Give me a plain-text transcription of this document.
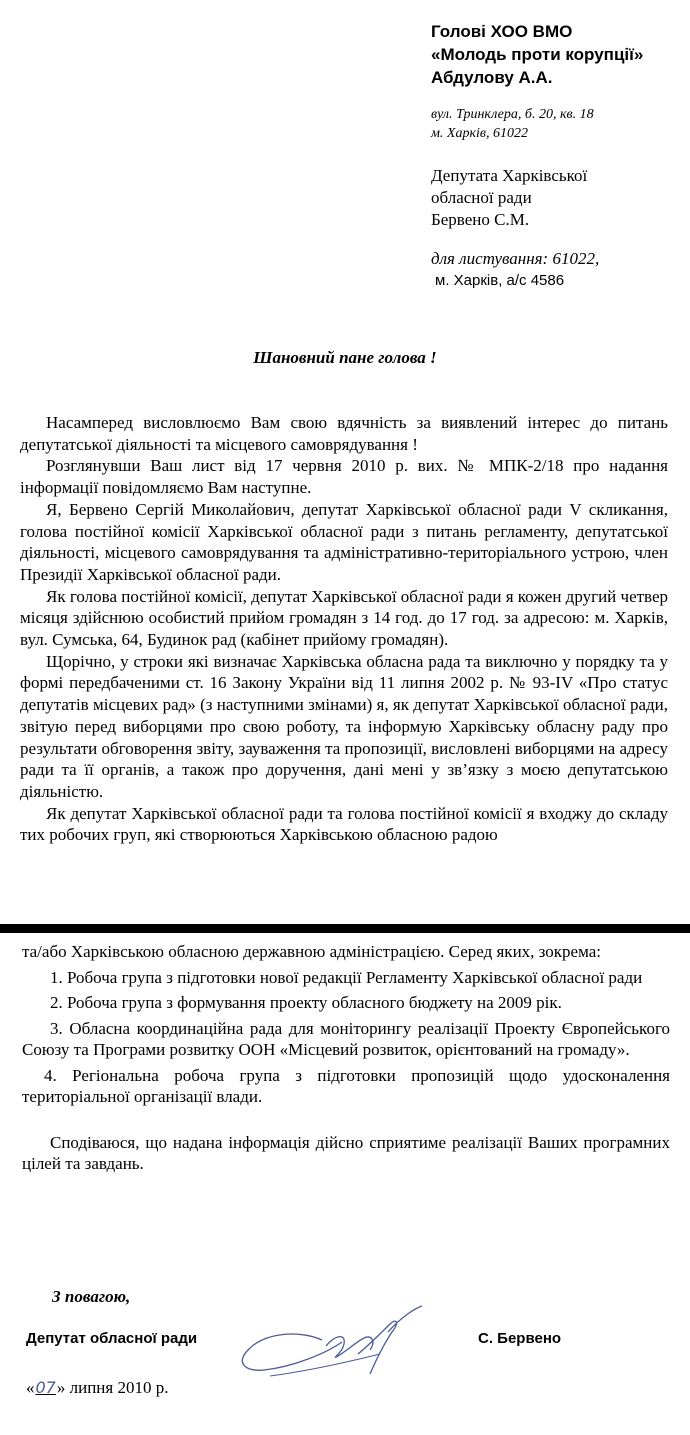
Голові ХОО ВМО
«Молодь проти корупції»
Абдулову А.А.
вул. Тринклера, б. 20, кв. 18
м. Харків, 61022
Депутата Харківської
обласної ради
Бервено С.М.
для листування: 61022,
м. Харків, а/с 4586
Шановний пане голова !

Насамперед висловлюємо Вам свою вдячність за виявлений інтерес до питань депутатської діяльності та місцевого самоврядування !

Розглянувши Ваш лист від 17 червня 2010 р. вих. № МПК-2/18 про надання інформації повідомляємо Вам наступне.

Я, Бервено Сергій Миколайович, депутат Харківської обласної ради V скликання, голова постійної комісії Харківської обласної ради з питань регламенту, депутатської діяльності, місцевого самоврядування та адміністративно-територіального устрою, член Президії Харківської обласної ради.

Як голова постійної комісії, депутат Харківської обласної ради я кожен другий четвер місяця здійснюю особистий прийом громадян з 14 год. до 17 год. за адресою: м. Харків, вул. Сумська, 64, Будинок рад (кабінет прийому громадян).

Щорічно, у строки які визначає Харківська обласна рада та виключно у порядку та у формі передбаченими ст. 16 Закону України від 11 липня 2002 р. № 93-IV «Про статус депутатів місцевих рад» (з наступними змінами) я, як депутат Харківської обласної ради, звітую перед виборцями про свою роботу, та інформую Харківську обласну раду про результати обговорення звіту, зауваження та пропозиції, висловлені виборцями на адресу ради та її органів, а також про доручення, дані мені у зв’язку з моєю депутатською діяльністю.

Як депутат Харківської обласної ради та голова постійної комісії я входжу до складу тих робочих груп, які створюються Харківською обласною радою

та/або Харківською обласною державною адміністрацією. Серед яких, зокрема:

1. Робоча група з підготовки нової редакції Регламенту Харківської обласної ради

2. Робоча група з формування проекту обласного бюджету на 2009 рік.

3. Обласна координаційна рада для моніторингу реалізації Проекту Європейського Союзу та Програми розвитку ООН «Місцевий розвиток, орієнтований на громаду».

4. Регіональна робоча група з підготовки пропозицій щодо удосконалення територіальної організації влади.

Сподіваюся, що надана інформація дійсно сприятиме реалізації Ваших програмних цілей та завдань.

З повагою,
Депутат обласної ради	С. Бервено
«07» липня 2010 р.
